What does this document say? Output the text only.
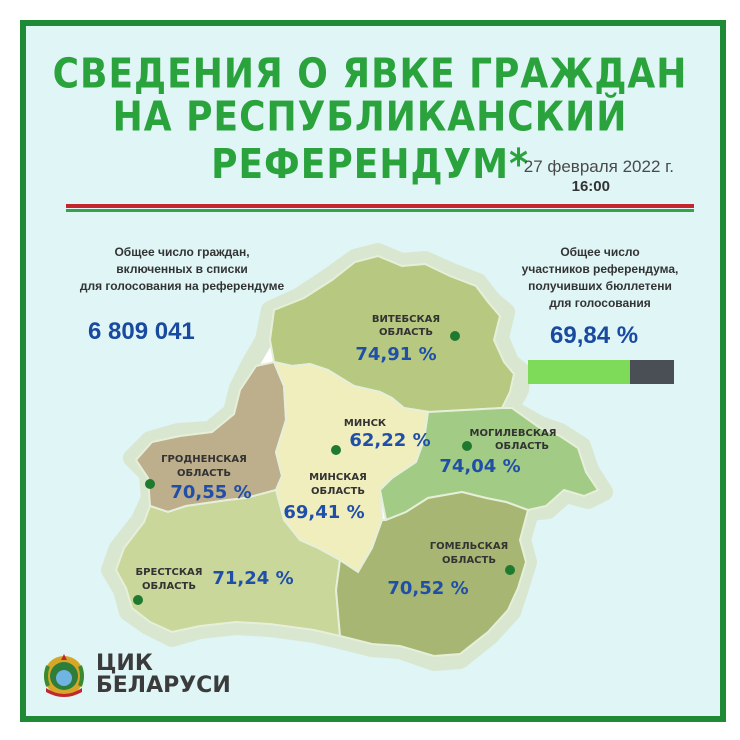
СВЕДЕНИЯ О ЯВКЕ ГРАЖДАН
НА РЕСПУБЛИКАНСКИЙ РЕФЕРЕНДУМ*
27 февраля 2022 г.
16:00
ВИТЕБСКАЯ
ОБЛАСТЬ
74,91 %
МИНСК
62,22 %	МОГИЛЕВСКАЯ
ОБЛАСТЬ
74,04 %
ГРОДНЕНСКАЯ
ОБЛАСТЬ
70,55 %
МИНСКАЯ
ОБЛАСТЬ
69,41 %
БРЕСТСКАЯ
ОБЛАСТЬ 71,24 %
ГОМЕЛЬСКАЯ
ОБЛАСТЬ
70,52 %
Общее число граждан,
включенных в списки
для голосования на референдуме
6 809 041
Общее число
участников референдума,
получивших бюллетени
для голосования
69,84 %
ЦИК
БЕЛАРУСИ
